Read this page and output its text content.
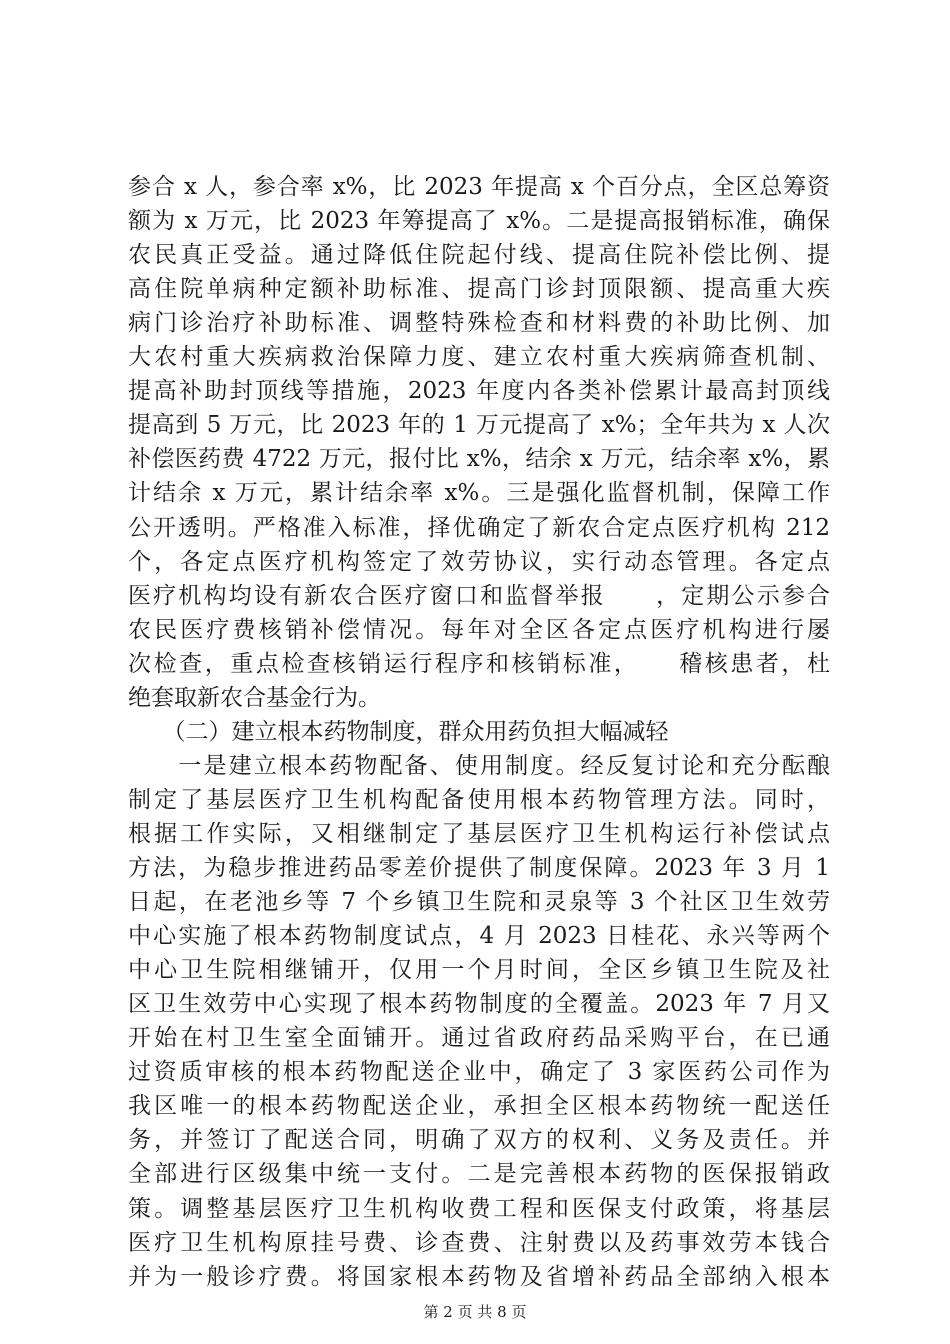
参合 x 人，参合率 x%，比 2023 年提高 x 个百分点，全区总筹资
额为 x 万元，比 2023 年筹提高了 x%。二是提高报销标准，确保
农民真正受益。通过降低住院起付线、提高住院补偿比例、提
高住院单病种定额补助标准、提高门诊封顶限额、提高重大疾
病门诊治疗补助标准、调整特殊检查和材料费的补助比例、加
大农村重大疾病救治保障力度、建立农村重大疾病筛查机制、
提高补助封顶线等措施，2023 年度内各类补偿累计最高封顶线
提高到 5 万元，比 2023 年的 1 万元提高了 x%；全年共为 x 人次
补偿医药费 4722 万元，报付比 x%，结余 x 万元，结余率 x%，累
计结余 x 万元，累计结余率 x%。三是强化监督机制，保障工作
公开透明。严格准入标准，择优确定了新农合定点医疗机构 212
个，各定点医疗机构签定了效劳协议，实行动态管理。各定点
医疗机构均设有新农合医疗窗口和监督举报　　，定期公示参合
农民医疗费核销补偿情况。每年对全区各定点医疗机构进行屡
次检查，重点检查核销运行程序和核销标准，　　稽核患者，杜
绝套取新农合基金行为。
　　（二）建立根本药物制度，群众用药负担大幅减轻
　　一是建立根本药物配备、使用制度。经反复讨论和充分酝酿
制定了基层医疗卫生机构配备使用根本药物管理方法。同时，
根据工作实际，又相继制定了基层医疗卫生机构运行补偿试点
方法，为稳步推进药品零差价提供了制度保障。2023 年 3 月 1
日起，在老池乡等 7 个乡镇卫生院和灵泉等 3 个社区卫生效劳
中心实施了根本药物制度试点，4 月 2023 日桂花、永兴等两个
中心卫生院相继铺开，仅用一个月时间，全区乡镇卫生院及社
区卫生效劳中心实现了根本药物制度的全覆盖。2023 年 7 月又
开始在村卫生室全面铺开。通过省政府药品采购平台，在已通
过资质审核的根本药物配送企业中，确定了 3 家医药公司作为
我区唯一的根本药物配送企业，承担全区根本药物统一配送任
务，并签订了配送合同，明确了双方的权利、义务及责任。并
全部进行区级集中统一支付。二是完善根本药物的医保报销政
策。调整基层医疗卫生机构收费工程和医保支付政策，将基层
医疗卫生机构原挂号费、诊查费、注射费以及药事效劳本钱合
并为一般诊疗费。将国家根本药物及省增补药品全部纳入根本
第 2 页 共 8 页
